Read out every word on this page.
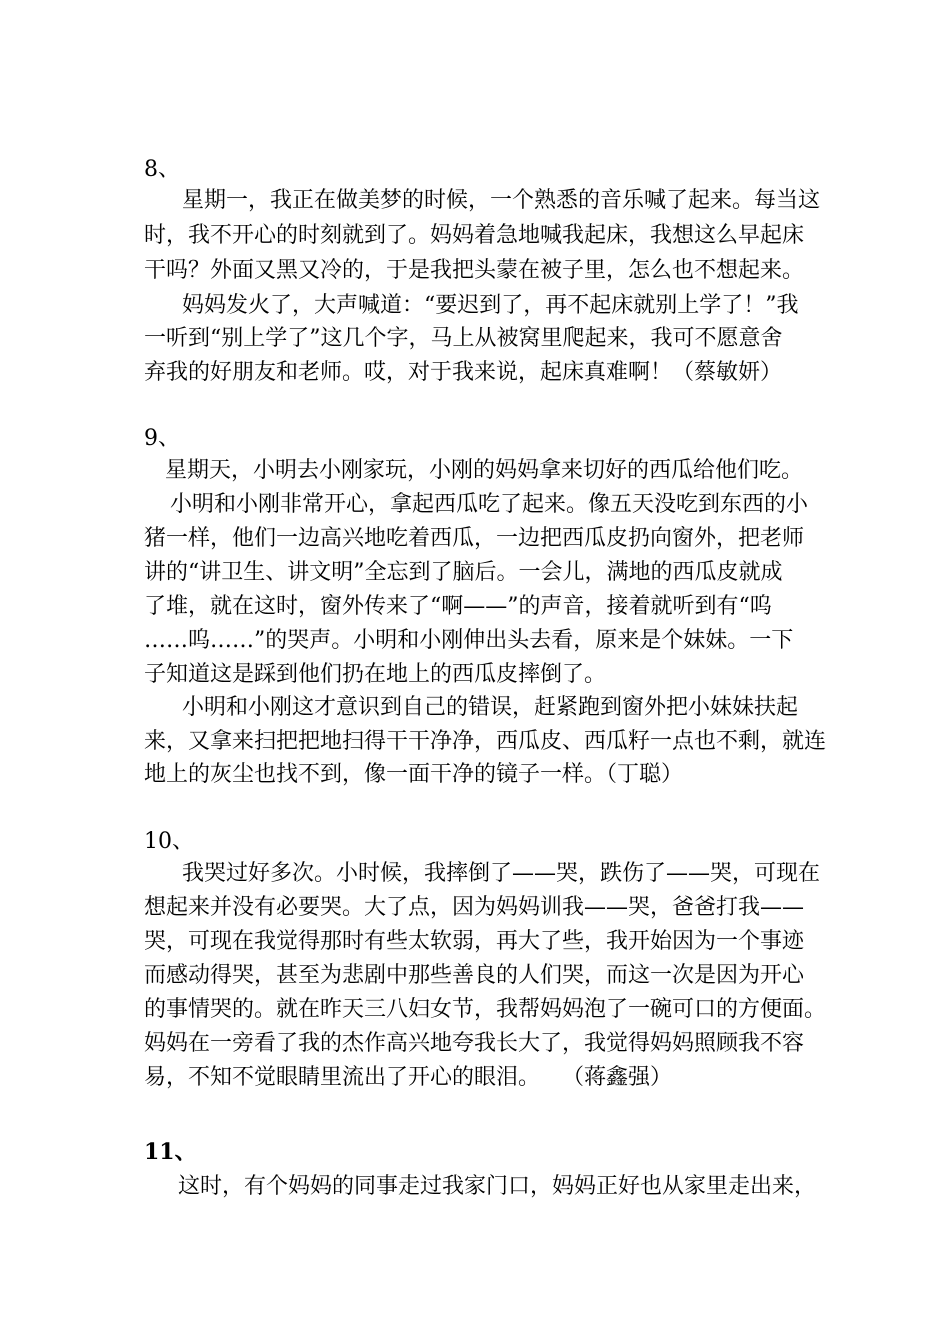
8、
星期一，我正在做美梦的时候，一个熟悉的音乐喊了起来。每当这
时，我不开心的时刻就到了。妈妈着急地喊我起床，我想这么早起床
干吗？外面又黑又冷的，于是我把头蒙在被子里，怎么也不想起来。
妈妈发火了，大声喊道：“要迟到了，再不起床就别上学了！”我
一听到“别上学了”这几个字，马上从被窝里爬起来，我可不愿意舍
弃我的好朋友和老师。哎，对于我来说，起床真难啊！（蔡敏妍）
9、
星期天，小明去小刚家玩，小刚的妈妈拿来切好的西瓜给他们吃。
小明和小刚非常开心，拿起西瓜吃了起来。像五天没吃到东西的小
猪一样，他们一边高兴地吃着西瓜，一边把西瓜皮扔向窗外，把老师
讲的“讲卫生、讲文明”全忘到了脑后。一会儿，满地的西瓜皮就成
了堆，就在这时，窗外传来了“啊——”的声音，接着就听到有“呜
……呜……”的哭声。小明和小刚伸出头去看，原来是个妹妹。一下
子知道这是踩到他们扔在地上的西瓜皮摔倒了。
小明和小刚这才意识到自己的错误，赶紧跑到窗外把小妹妹扶起
来，又拿来扫把把地扫得干干净净，西瓜皮、西瓜籽一点也不剩，就连
地上的灰尘也找不到，像一面干净的镜子一样。（丁聪）
10、
我哭过好多次。小时候，我摔倒了——哭，跌伤了——哭，可现在
想起来并没有必要哭。大了点，因为妈妈训我——哭，爸爸打我——
哭，可现在我觉得那时有些太软弱，再大了些，我开始因为一个事迹
而感动得哭，甚至为悲剧中那些善良的人们哭，而这一次是因为开心
的事情哭的。就在昨天三八妇女节，我帮妈妈泡了一碗可口的方便面。
妈妈在一旁看了我的杰作高兴地夸我长大了，我觉得妈妈照顾我不容
易，不知不觉眼睛里流出了开心的眼泪。　　（蒋鑫强）
11、
这时，有个妈妈的同事走过我家门口，妈妈正好也从家里走出来，
